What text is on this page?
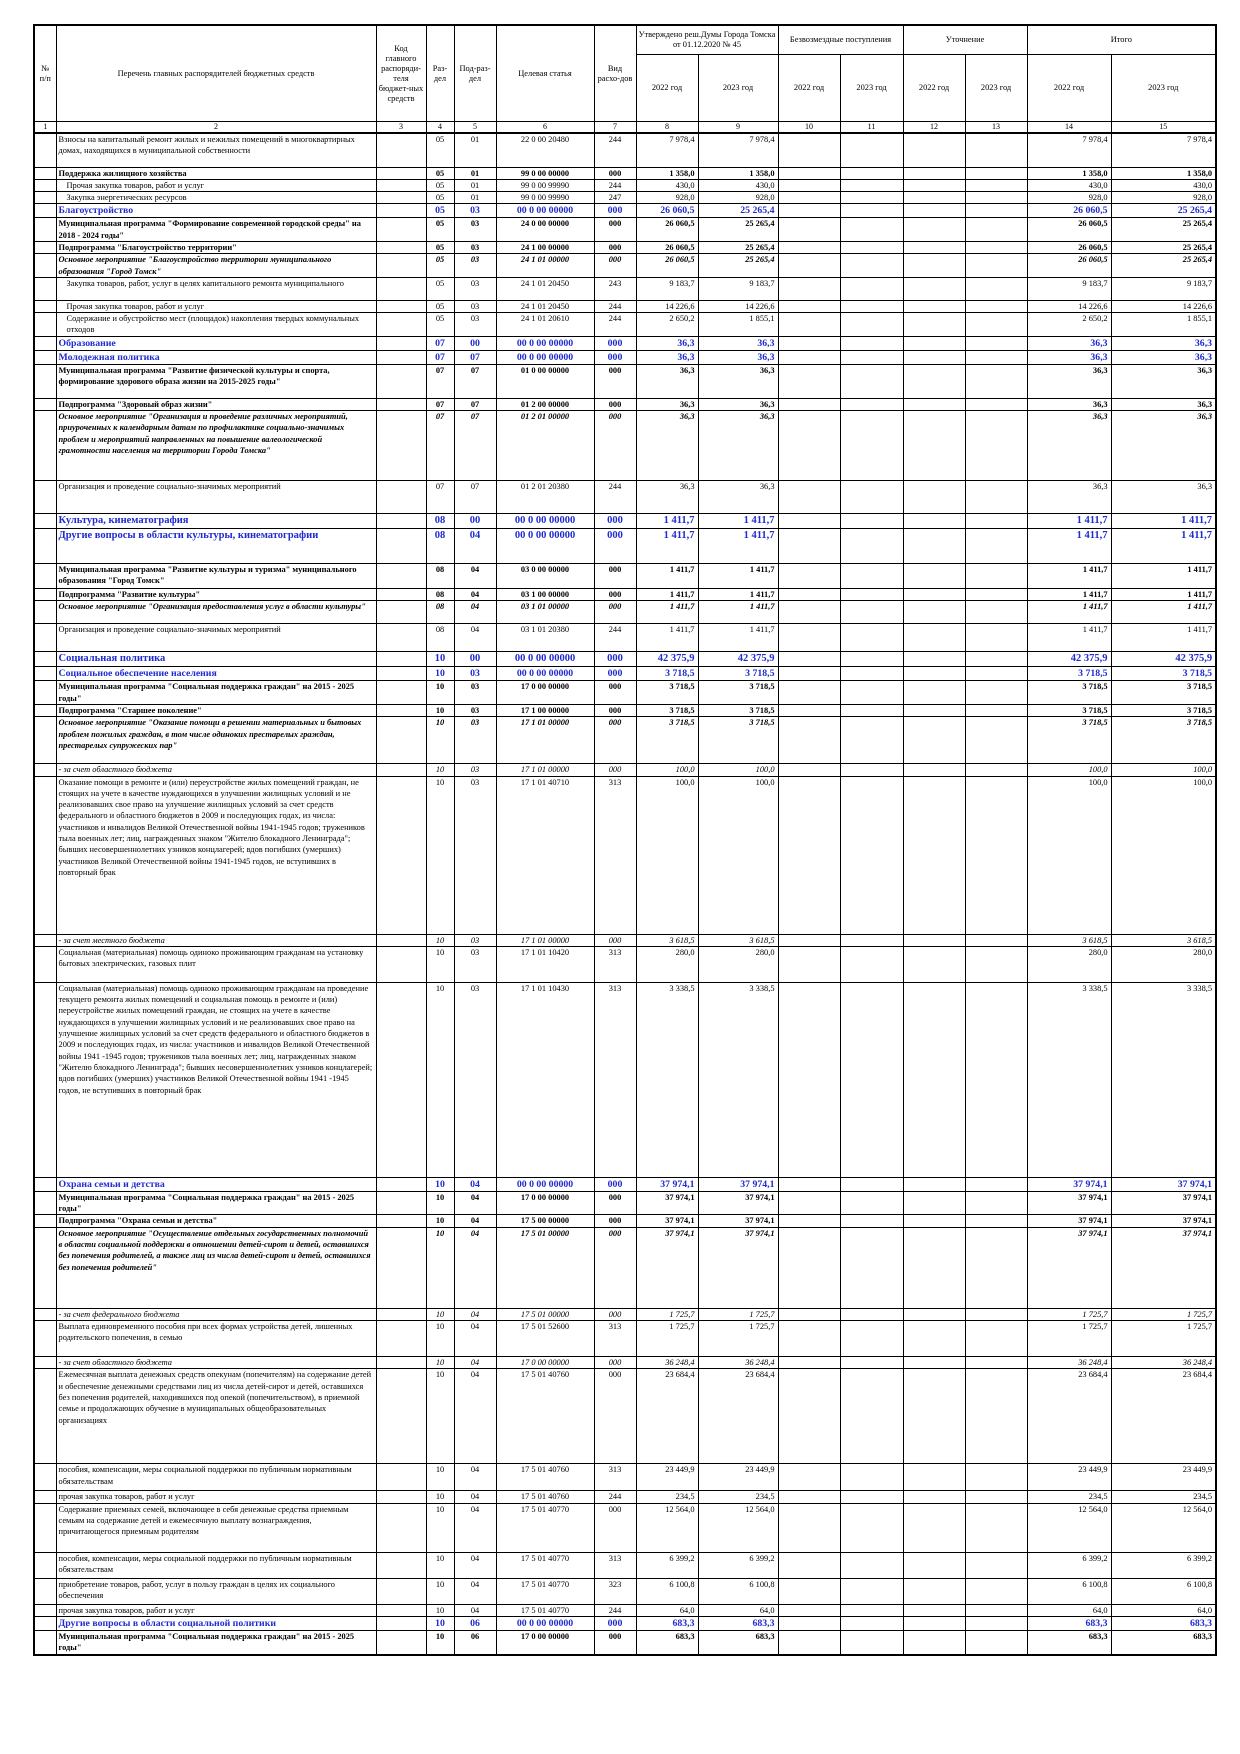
№ п/п	Перечень главных распорядителей бюджетных средств	Код главного распоряди-теля бюджет-ных средств	Раз-дел	Под-раз-дел	Целевая статья	Вид расхо-дов	Утверждено реш.Думы Города Томска от 01.12.2020 № 45		Безвозмездные поступления		Уточнение		Итого	
							2022 год	2023 год	2022 год	2023 год	2022 год	2023 год	2022 год	2023 год
1	2	3	4	5	6	7	8	9	10	11	12	13	14	15
	Взносы на капитальный ремонт жилых и нежилых помещений в многоквартирных домах, находящихся в муниципальной собственности		05	01	22 0 00 20480	244	7 978,4	7 978,4					7 978,4	7 978,4
	Поддержка жилищного хозяйства		05	01	99 0 00 00000	000	1 358,0	1 358,0					1 358,0	1 358,0

	Прочая закупка товаров, работ и услуг		05	01	99 0 00 99990	244	430,0	430,0					430,0	430,0

	Закупка энергетических ресурсов		05	01	99 0 00 99990	247	928,0	928,0					928,0	928,0
	Благоустройство		05	03	00 0 00 00000	000	26 060,5	25 265,4					26 060,5	25 265,4
	Муниципальная программа "Формирование современной городской среды" на 2018 - 2024 годы"		05	03	24 0 00 00000	000	26 060,5	25 265,4					26 060,5	25 265,4
	Подпрограмма "Благоустройство территории"		05	03	24 1 00 00000	000	26 060,5	25 265,4					26 060,5	25 265,4
	Основное мероприятие "Благоустройство территории муниципального образования "Город Томск"		05	03	24 1 01 00000	000	26 060,5	25 265,4					26 060,5	25 265,4

	Закупка товаров, работ, услуг в целях капитального ремонта муниципального		05	03	24 1 01 20450	243	9 183,7	9 183,7					9 183,7	9 183,7

	Прочая закупка товаров, работ и услуг		05	03	24 1 01 20450	244	14 226,6	14 226,6					14 226,6	14 226,6

	Содержание и обустройство мест (площадок) накопления твердых коммунальных отходов		05	03	24 1 01 20610	244	2 650,2	1 855,1					2 650,2	1 855,1
	Образование		07	00	00 0 00 00000	000	36,3	36,3					36,3	36,3
	Молодежная политика		07	07	00 0 00 00000	000	36,3	36,3					36,3	36,3
	Муниципальная программа "Развитие физической культуры и спорта, формирование здорового образа жизни на 2015-2025 годы"		07	07	01 0 00 00000	000	36,3	36,3					36,3	36,3
	Подпрограмма "Здоровый образ жизни"		07	07	01 2 00 00000	000	36,3	36,3					36,3	36,3
	Основное мероприятие "Организация и проведение различных мероприятий, приуроченных к календарным датам по профилактике социально-значимых проблем и мероприятий направленных на повышение валеологической грамотности населения на территории Города Томска"		07	07	01 2 01 00000	000	36,3	36,3					36,3	36,3
	Организация и проведение социально-значимых мероприятий		07	07	01 2 01 20380	244	36,3	36,3					36,3	36,3
	Культура, кинематография		08	00	00 0 00 00000	000	1 411,7	1 411,7					1 411,7	1 411,7
	Другие вопросы в области культуры, кинематографии		08	04	00 0 00 00000	000	1 411,7	1 411,7					1 411,7	1 411,7
	Муниципальная программа "Развитие культуры и туризма" муниципального образования "Город Томск"		08	04	03 0 00 00000	000	1 411,7	1 411,7					1 411,7	1 411,7
	Подпрограмма "Развитие культуры"		08	04	03 1 00 00000	000	1 411,7	1 411,7					1 411,7	1 411,7
	Основное мероприятие "Организация предоставления услуг в области культуры"		08	04	03 1 01 00000	000	1 411,7	1 411,7					1 411,7	1 411,7
	Организация и проведение социально-значимых мероприятий		08	04	03 1 01 20380	244	1 411,7	1 411,7					1 411,7	1 411,7
	Социальная политика		10	00	00 0 00 00000	000	42 375,9	42 375,9					42 375,9	42 375,9
	Социальное обеспечение населения		10	03	00 0 00 00000	000	3 718,5	3 718,5					3 718,5	3 718,5
	Муниципальная программа "Социальная поддержка граждан" на 2015 - 2025 годы"		10	03	17 0 00 00000	000	3 718,5	3 718,5					3 718,5	3 718,5
	Подпрограмма "Старшее поколение"		10	03	17 1 00 00000	000	3 718,5	3 718,5					3 718,5	3 718,5
	Основное мероприятие "Оказание помощи в решении материальных и бытовых проблем пожилых граждан, в том числе одиноких престарелых граждан, престарелых супружеских пар"		10	03	17 1 01 00000	000	3 718,5	3 718,5					3 718,5	3 718,5
	- за счет областного бюджета		10	03	17 1 01 00000	000	100,0	100,0					100,0	100,0
	Оказание помощи в ремонте и (или) переустройстве жилых помещений граждан, не стоящих на учете в качестве нуждающихся в улучшении жилищных условий и не реализовавших свое право на улучшение жилищных условий за счет средств федерального и областного бюджетов в 2009 и последующих годах, из числа: участников и инвалидов Великой Отечественной войны 1941-1945 годов; тружеников тыла военных лет; лиц, награжденных знаком "Жителю блокадного Ленинграда"; бывших несовершеннолетних узников концлагерей; вдов погибших (умерших) участников Великой Отечественной войны 1941-1945 годов, не вступивших в повторный брак		10	03	17 1 01 40710	313	100,0	100,0					100,0	100,0
	- за счет местного бюджета		10	03	17 1 01 00000	000	3 618,5	3 618,5					3 618,5	3 618,5
	Социальная (материальная) помощь одиноко проживающим гражданам на установку бытовых электрических, газовых плит		10	03	17 1 01 10420	313	280,0	280,0					280,0	280,0
	Социальная (материальная) помощь одиноко проживающим гражданам на проведение текущего ремонта жилых помещений и социальная помощь в ремонте и (или) переустройстве жилых помещений граждан, не стоящих на учете в качестве нуждающихся в улучшении жилищных условий и не реализовавших свое право на улучшение жилищных условий за счет средств федерального и областного бюджетов в 2009 и последующих годах, из числа: участников и инвалидов Великой Отечественной войны 1941 -1945 годов; тружеников тыла военных лет; лиц, награжденных знаком "Жителю блокадного Ленинграда"; бывших несовершеннолетних узников концлагерей; вдов погибших (умерших) участников Великой Отечественной войны 1941 -1945 годов, не вступивших в повторный брак		10	03	17 1 01 10430	313	3 338,5	3 338,5					3 338,5	3 338,5
	Охрана семьи и детства		10	04	00 0 00 00000	000	37 974,1	37 974,1					37 974,1	37 974,1
	Муниципальная программа "Социальная поддержка граждан" на 2015 - 2025 годы"		10	04	17 0 00 00000	000	37 974,1	37 974,1					37 974,1	37 974,1
	Подпрограмма "Охрана семьи и детства"		10	04	17 5 00 00000	000	37 974,1	37 974,1					37 974,1	37 974,1
	Основное мероприятие "Осуществление отдельных государственных полномочий в области социальной поддержки в отношении детей-сирот и детей, оставшихся без попечения родителей, а также лиц из числа детей-сирот и детей, оставшихся без попечения родителей"		10	04	17 5 01 00000	000	37 974,1	37 974,1					37 974,1	37 974,1
	- за счет федерального бюджета		10	04	17 5 01 00000	000	1 725,7	1 725,7					1 725,7	1 725,7
	Выплата единовременного пособия при всех формах устройства детей, лишенных родительского попечения, в семью		10	04	17 5 01 52600	313	1 725,7	1 725,7					1 725,7	1 725,7
	- за счет областного бюджета		10	04	17 0 00 00000	000	36 248,4	36 248,4					36 248,4	36 248,4
	Ежемесячная выплата денежных средств опекунам (попечителям) на содержание детей и обеспечение денежными средствами лиц из числа детей-сирот и детей, оставшихся без попечения родителей, находившихся под опекой (попечительством), в приемной семье и продолжающих обучение в муниципальных общеобразовательных организациях		10	04	17 5 01 40760	000	23 684,4	23 684,4					23 684,4	23 684,4
	пособия, компенсации, меры социальной поддержки по публичным нормативным обязательствам		10	04	17 5 01 40760	313	23 449,9	23 449,9					23 449,9	23 449,9
	прочая закупка товаров, работ и услуг		10	04	17 5 01 40760	244	234,5	234,5					234,5	234,5
	Содержание приемных семей, включающее в себя денежные средства приемным семьям на содержание детей и ежемесячную выплату вознаграждения, причитающегося приемным родителям		10	04	17 5 01 40770	000	12 564,0	12 564,0					12 564,0	12 564,0
	пособия, компенсации, меры социальной поддержки по публичным нормативным обязательствам		10	04	17 5 01 40770	313	6 399,2	6 399,2					6 399,2	6 399,2
	приобретение товаров, работ, услуг в пользу граждан в целях их социального обеспечения		10	04	17 5 01 40770	323	6 100,8	6 100,8					6 100,8	6 100,8
	прочая закупка товаров, работ и услуг		10	04	17 5 01 40770	244	64,0	64,0					64,0	64,0
	Другие вопросы в области социальной политики		10	06	00 0 00 00000	000	683,3	683,3					683,3	683,3
	Муниципальная программа "Социальная поддержка граждан" на 2015 - 2025 годы"		10	06	17 0 00 00000	000	683,3	683,3					683,3	683,3
